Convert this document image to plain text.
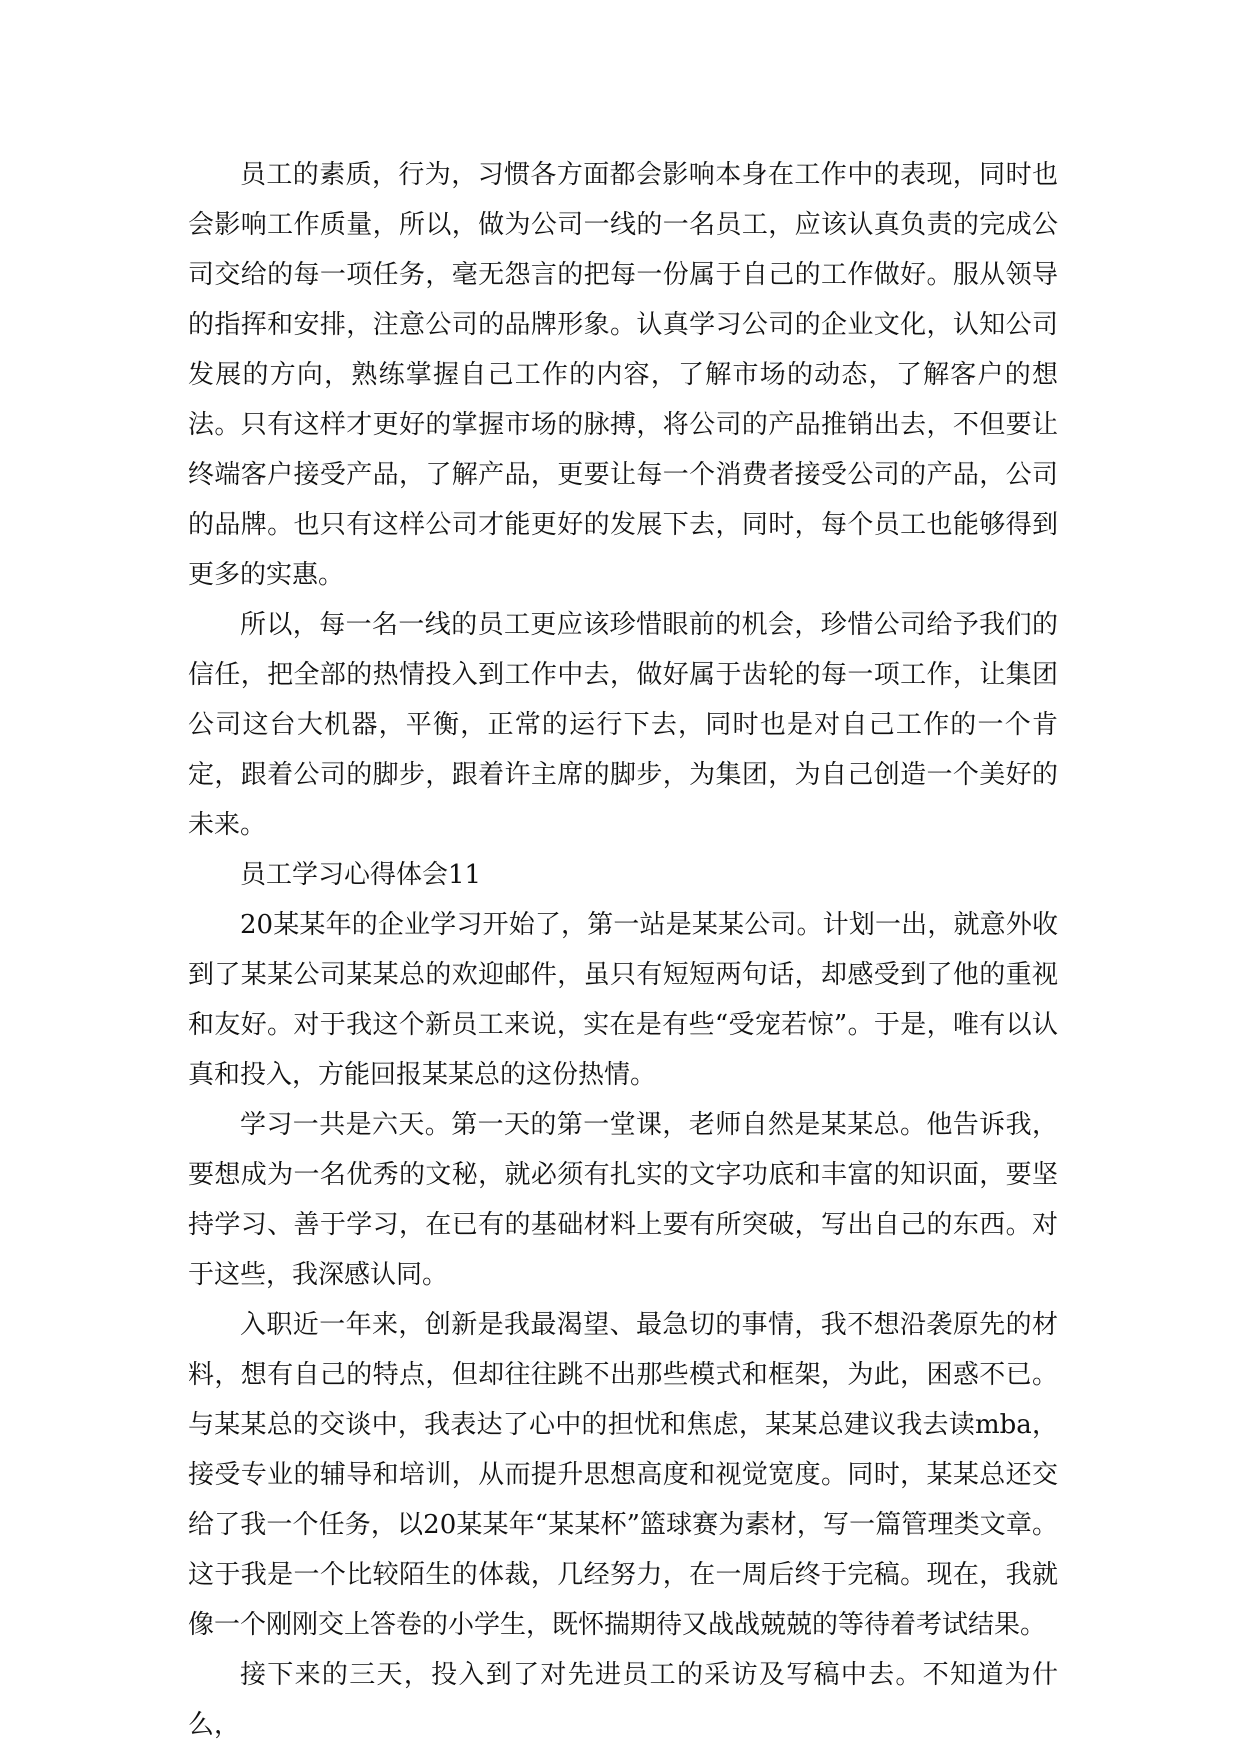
员工的素质，行为，习惯各方面都会影响本身在工作中的表现，同时也会影响工作质量，所以，做为公司一线的一名员工，应该认真负责的完成公司交给的每一项任务，毫无怨言的把每一份属于自己的工作做好。服从领导的指挥和安排，注意公司的品牌形象。认真学习公司的企业文化，认知公司发展的方向，熟练掌握自己工作的内容，了解市场的动态，了解客户的想法。只有这样才更好的掌握市场的脉搏，将公司的产品推销出去，不但要让终端客户接受产品，了解产品，更要让每一个消费者接受公司的产品，公司的品牌。也只有这样公司才能更好的发展下去，同时，每个员工也能够得到更多的实惠。

所以，每一名一线的员工更应该珍惜眼前的机会，珍惜公司给予我们的信任，把全部的热情投入到工作中去，做好属于齿轮的每一项工作，让集团公司这台大机器，平衡，正常的运行下去，同时也是对自己工作的一个肯定，跟着公司的脚步，跟着许主席的脚步，为集团，为自己创造一个美好的未来。

员工学习心得体会11

20某某年的企业学习开始了，第一站是某某公司。计划一出，就意外收到了某某公司某某总的欢迎邮件，虽只有短短两句话，却感受到了他的重视和友好。对于我这个新员工来说，实在是有些“受宠若惊”。于是，唯有以认真和投入，方能回报某某总的这份热情。

学习一共是六天。第一天的第一堂课，老师自然是某某总。他告诉我，要想成为一名优秀的文秘，就必须有扎实的文字功底和丰富的知识面，要坚持学习、善于学习，在已有的基础材料上要有所突破，写出自己的东西。对于这些，我深感认同。

入职近一年来，创新是我最渴望、最急切的事情，我不想沿袭原先的材料，想有自己的特点，但却往往跳不出那些模式和框架，为此，困惑不已。与某某总的交谈中，我表达了心中的担忧和焦虑，某某总建议我去读mba，接受专业的辅导和培训，从而提升思想高度和视觉宽度。同时，某某总还交给了我一个任务，以20某某年“某某杯”篮球赛为素材，写一篇管理类文章。这于我是一个比较陌生的体裁，几经努力，在一周后终于完稿。现在，我就像一个刚刚交上答卷的小学生，既怀揣期待又战战兢兢的等待着考试结果。

接下来的三天，投入到了对先进员工的采访及写稿中去。不知道为什么，
